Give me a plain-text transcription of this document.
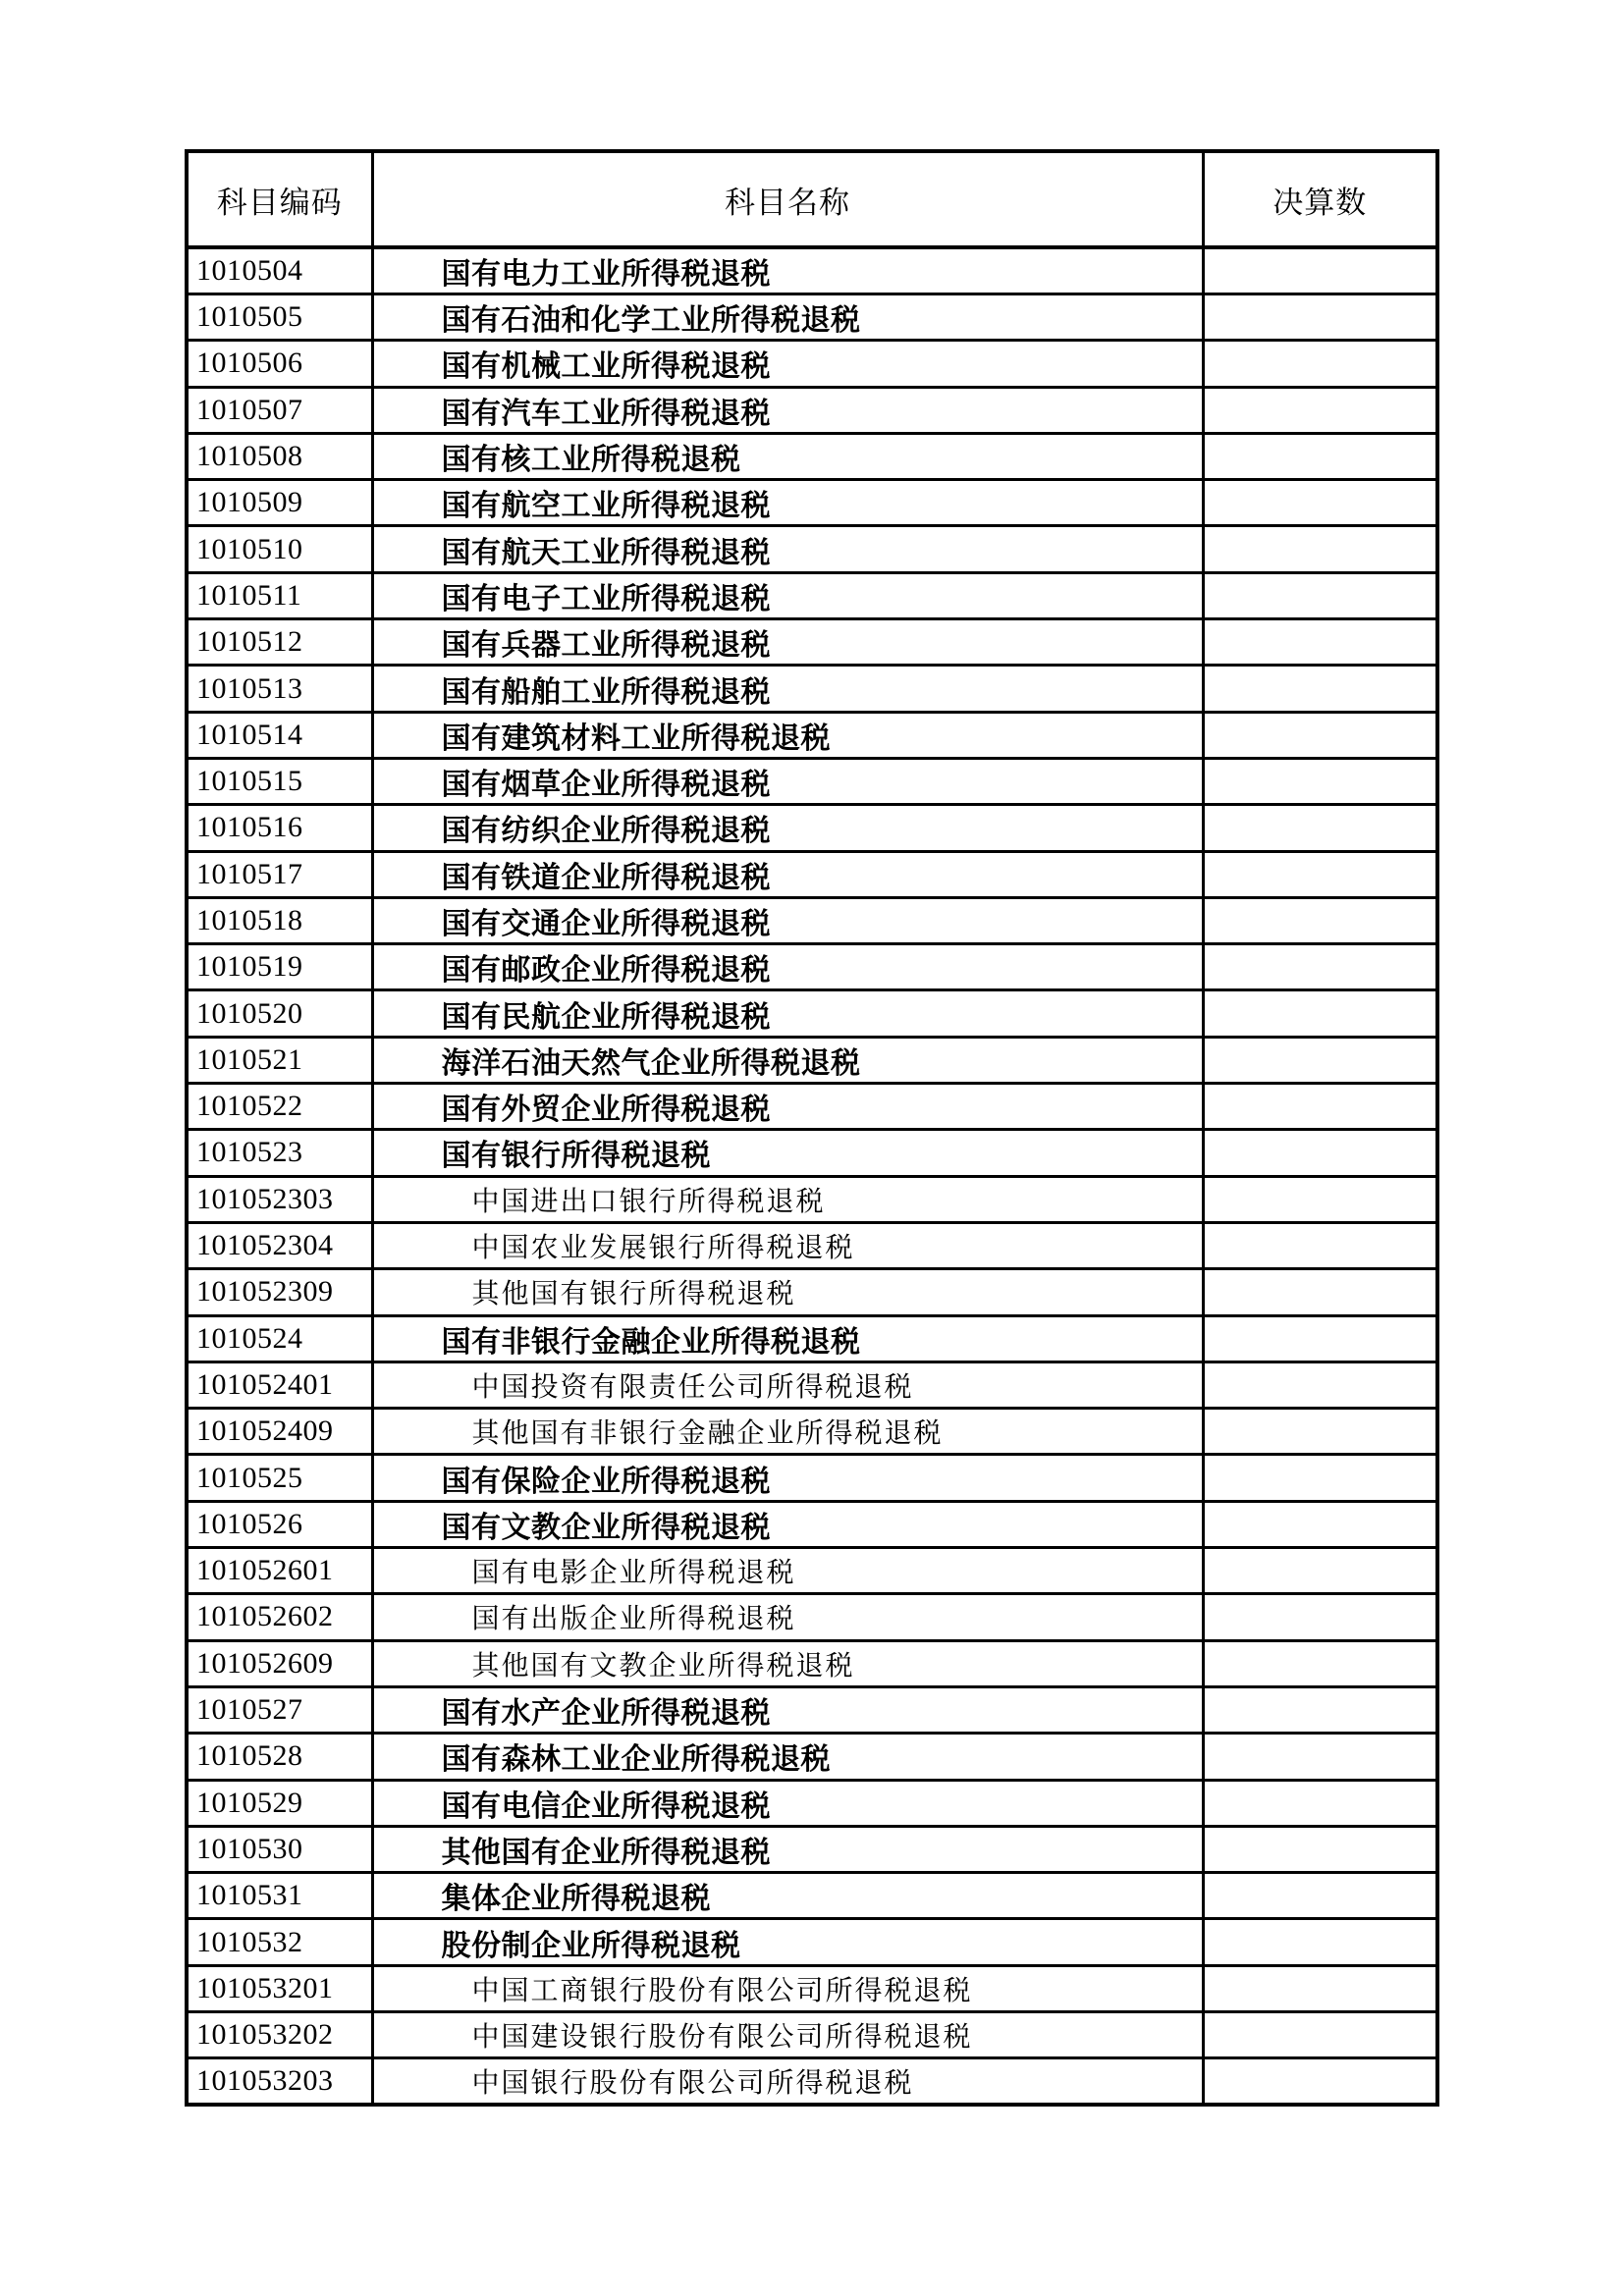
科目编码	科目名称	决算数
1010504	国有电力工业所得税退税	
1010505	国有石油和化学工业所得税退税	
1010506	国有机械工业所得税退税	
1010507	国有汽车工业所得税退税	
1010508	国有核工业所得税退税	
1010509	国有航空工业所得税退税	
1010510	国有航天工业所得税退税	
1010511	国有电子工业所得税退税	
1010512	国有兵器工业所得税退税	
1010513	国有船舶工业所得税退税	
1010514	国有建筑材料工业所得税退税	
1010515	国有烟草企业所得税退税	
1010516	国有纺织企业所得税退税	
1010517	国有铁道企业所得税退税	
1010518	国有交通企业所得税退税	
1010519	国有邮政企业所得税退税	
1010520	国有民航企业所得税退税	
1010521	海洋石油天然气企业所得税退税	
1010522	国有外贸企业所得税退税	
1010523	国有银行所得税退税	
101052303	中国进出口银行所得税退税	
101052304	中国农业发展银行所得税退税	
101052309	其他国有银行所得税退税	
1010524	国有非银行金融企业所得税退税	
101052401	中国投资有限责任公司所得税退税	
101052409	其他国有非银行金融企业所得税退税	
1010525	国有保险企业所得税退税	
1010526	国有文教企业所得税退税	
101052601	国有电影企业所得税退税	
101052602	国有出版企业所得税退税	
101052609	其他国有文教企业所得税退税	
1010527	国有水产企业所得税退税	
1010528	国有森林工业企业所得税退税	
1010529	国有电信企业所得税退税	
1010530	其他国有企业所得税退税	
1010531	集体企业所得税退税	
1010532	股份制企业所得税退税	
101053201	中国工商银行股份有限公司所得税退税	
101053202	中国建设银行股份有限公司所得税退税	
101053203	中国银行股份有限公司所得税退税	
